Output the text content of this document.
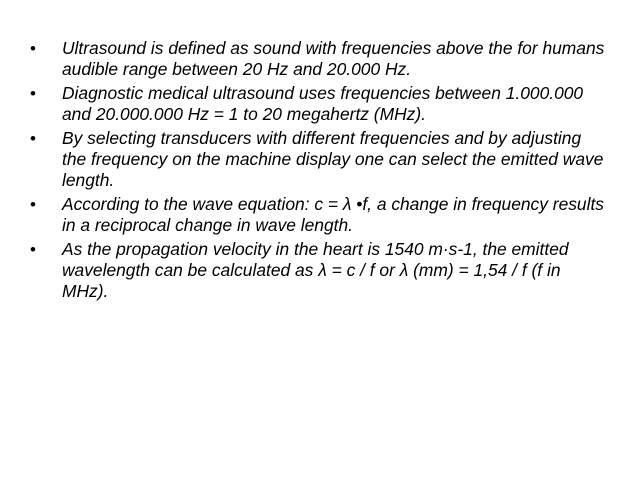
• Ultrasound is defined as sound with frequencies above the for humans audible range between 20 Hz and 20.000 Hz.
• Diagnostic medical ultrasound uses frequencies between 1.000.000 and 20.000.000 Hz = 1 to 20 megahertz (MHz).
• By selecting transducers with different frequencies and by adjusting the frequency on the machine display one can select the emitted wave length.
• According to the wave equation: c = λ •f, a change in frequency results in a reciprocal change in wave length.
• As the propagation velocity in the heart is 1540 m·s-1, the emitted wavelength can be calculated as λ = c / f or λ (mm) = 1,54 / f (f in MHz).
